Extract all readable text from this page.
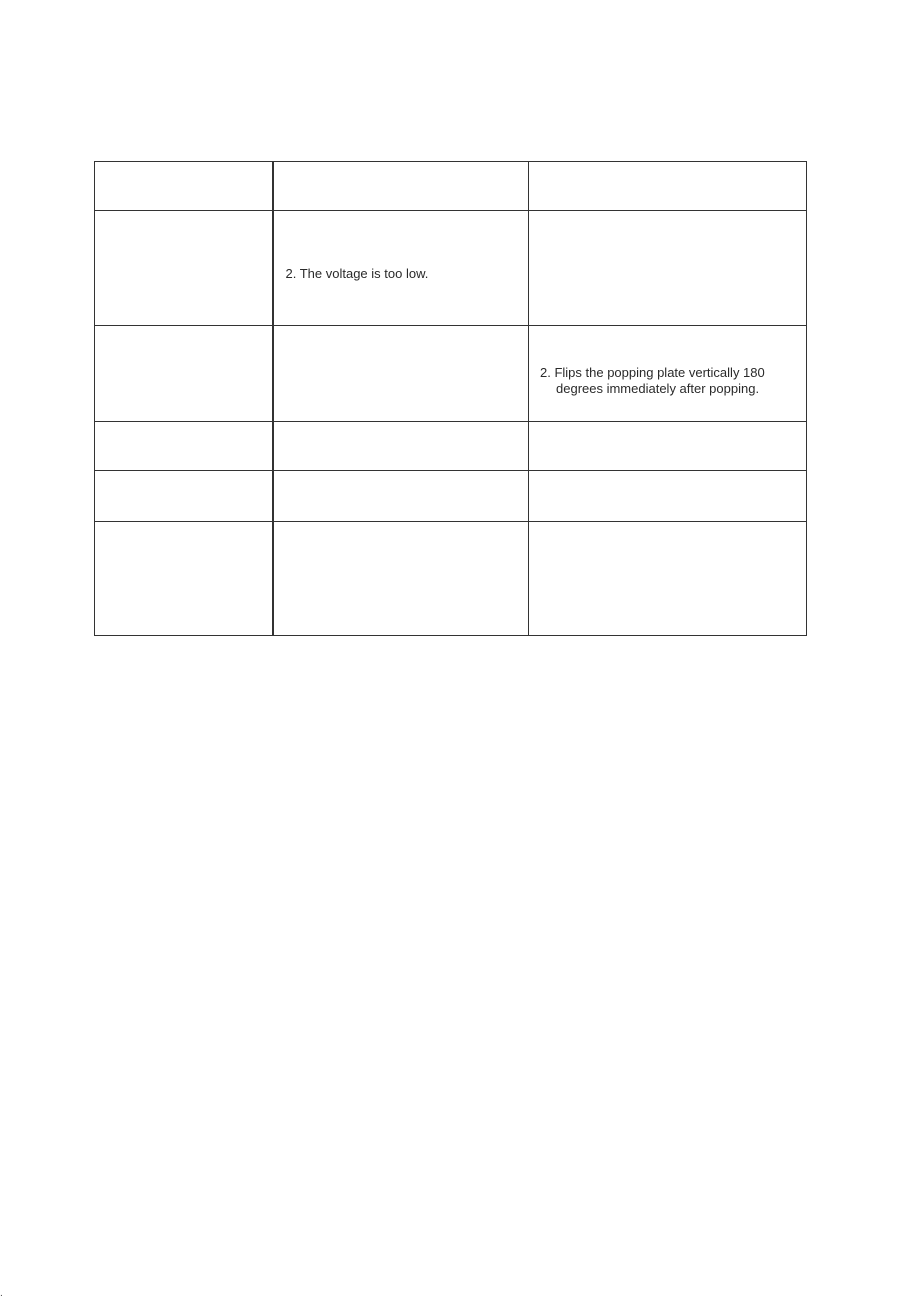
	2. The voltage is too low.	

		2. Flips the popping plate vertically 180
degrees immediately after popping.

.
